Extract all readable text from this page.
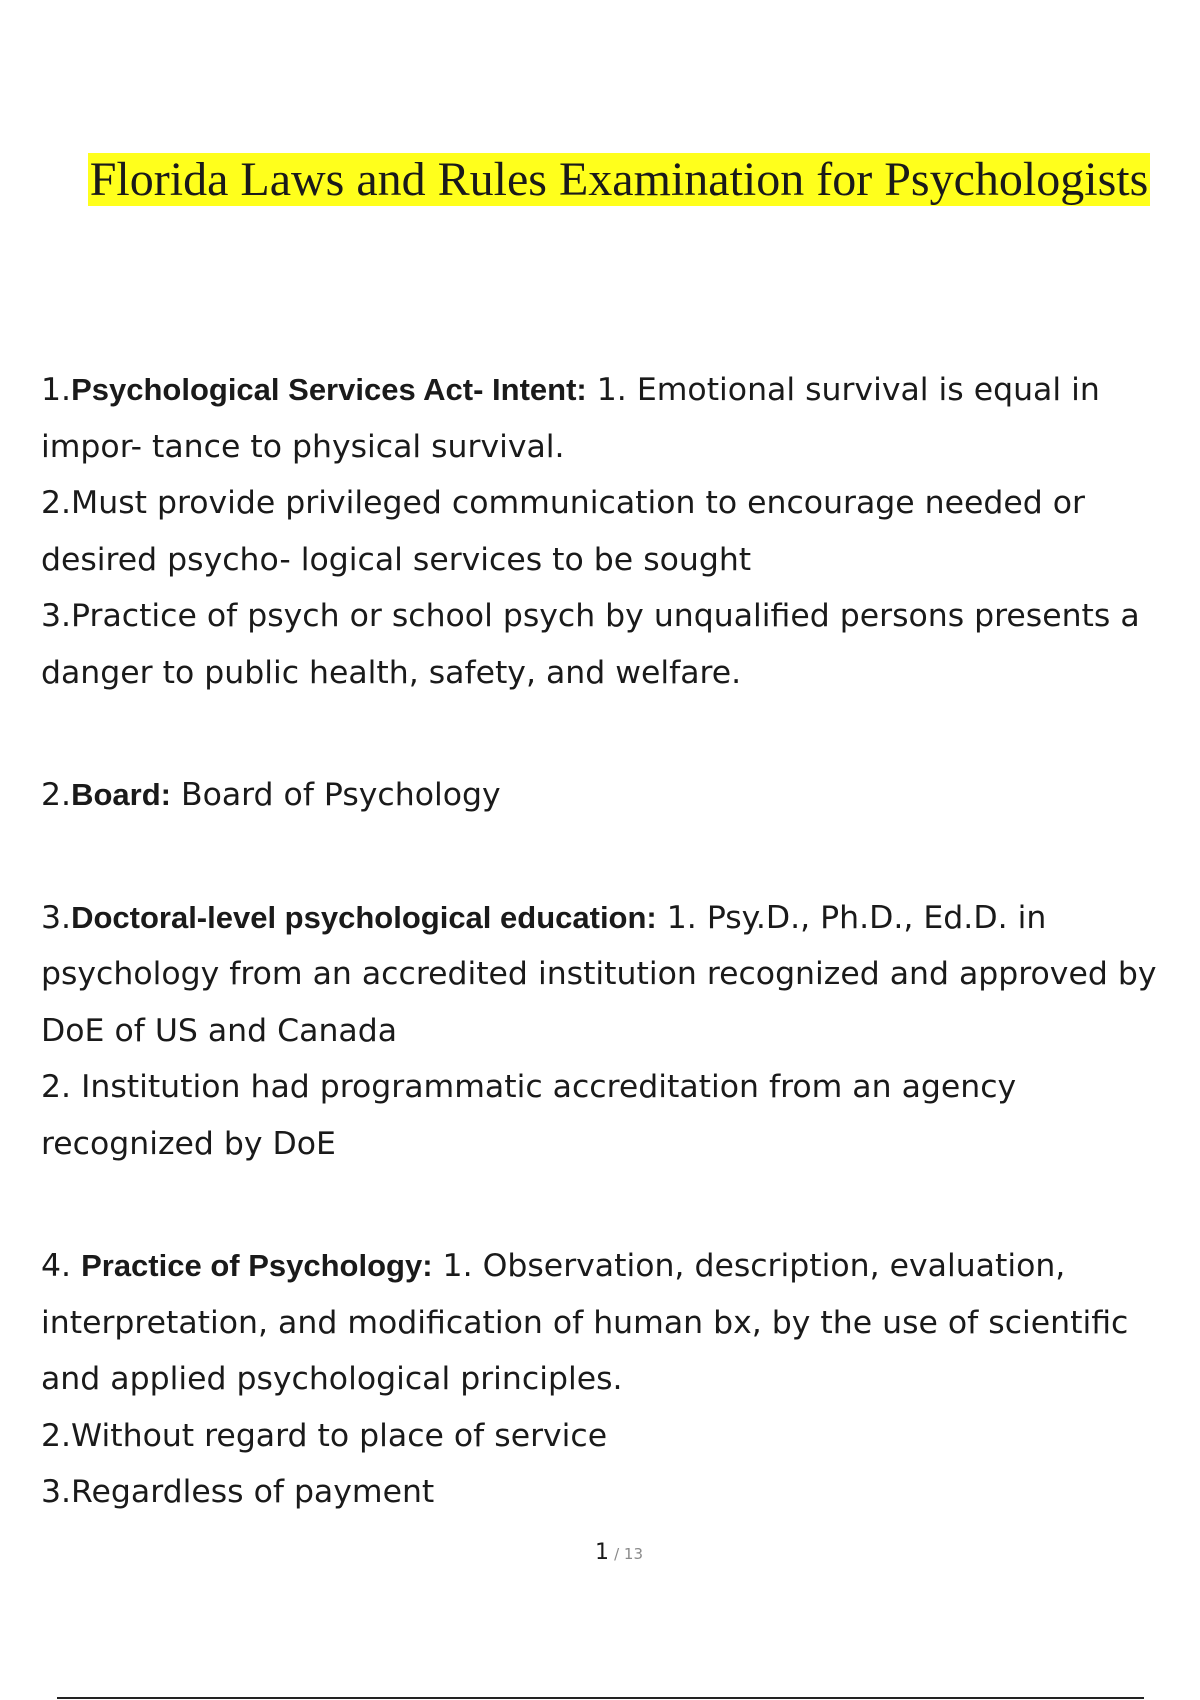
Florida Laws and Rules Examination for Psychologists

1.Psychological Services Act- Intent: 1. Emotional survival is equal in impor- tance to physical survival.

2.Must provide privileged communication to encourage needed or desired psycho- logical services to be sought

3.Practice of psych or school psych by unqualified persons presents a danger to public health, safety, and welfare.

2.Board: Board of Psychology

3.Doctoral-level psychological education: 1. Psy.D., Ph.D., Ed.D. in psychology from an accredited institution recognized and approved by DoE of US and Canada

2. Institution had programmatic accreditation from an agency recognized by DoE

4. Practice of Psychology: 1. Observation, description, evaluation, interpretation, and modification of human bx, by the use of scientific and applied psychological principles.

2.Without regard to place of service

3.Regardless of payment

1 / 13
